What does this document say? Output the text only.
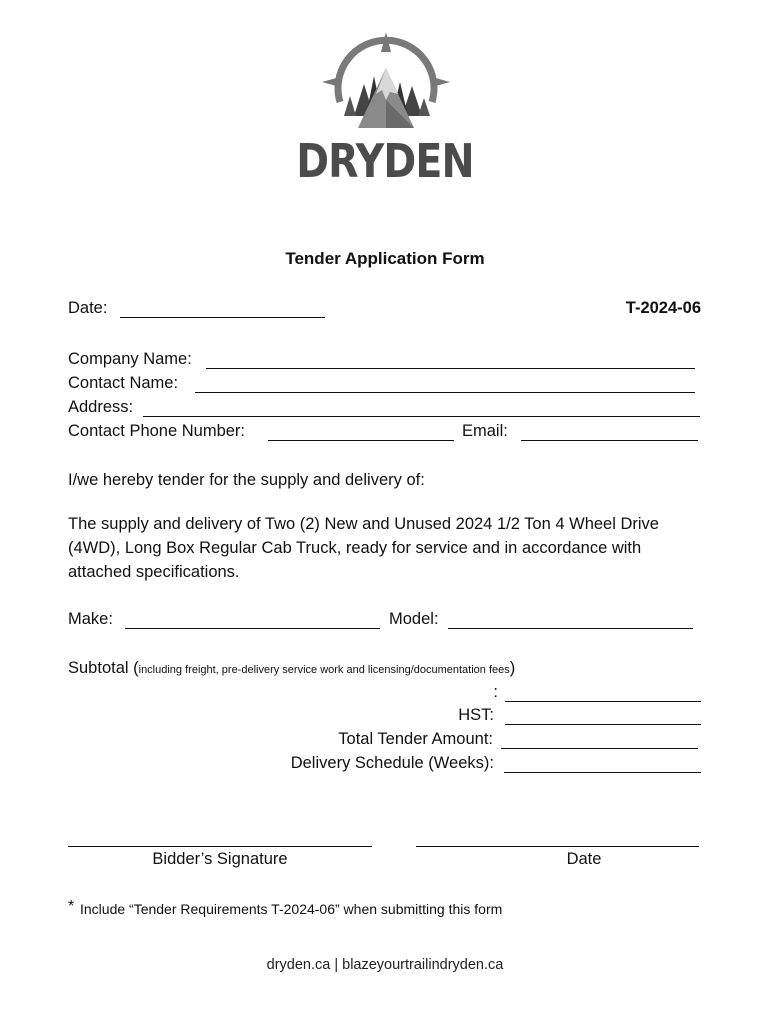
DRYDEN
Tender Application Form
Date:	T-2024-06
Company Name:
Contact Name:
Address:
Contact Phone Number:	Email:
I/we hereby tender for the supply and delivery of:
The supply and delivery of Two (2) New and Unused 2024 1/2 Ton 4 Wheel Drive (4WD), Long Box Regular Cab Truck, ready for service and in accordance with attached specifications.
Make:	Model:
Subtotal (including freight, pre-delivery service work and licensing/documentation fees)
:
HST:
Total Tender Amount:
Delivery Schedule (Weeks):
Bidder’s Signature	Date
* Include “Tender Requirements T-2024-06” when submitting this form
dryden.ca | blazeyourtrailindryden.ca
